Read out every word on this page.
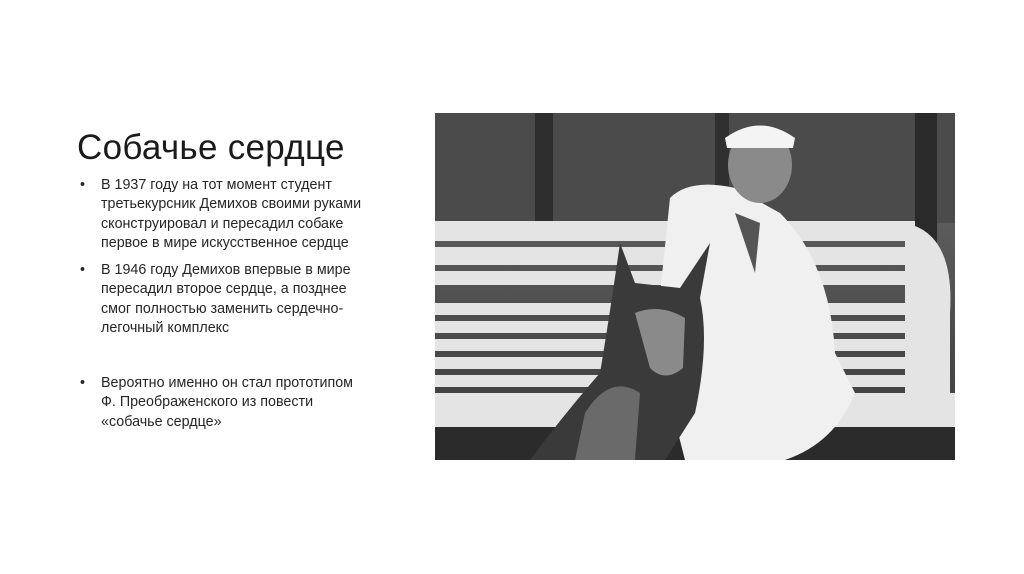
Собачье сердце
• В 1937 году на тот момент студент
третьекурсник Демихов своими руками
сконструировал и пересадил собаке
первое в мире искусственное сердце
• В 1946 году Демихов впервые в мире
пересадил второе сердце, а позднее
смог полностью заменить сердечно-
легочный комплекс
• Вероятно именно он стал прототипом
Ф. Преображенского из повести
«собачье сердце»
